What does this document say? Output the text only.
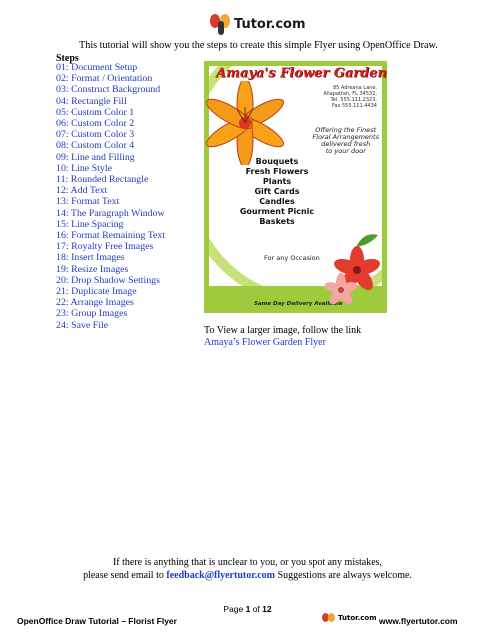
Tutor.com
This tutorial will show you the steps to create this simple Flyer using OpenOffice Draw.
Steps
01: Document Setup
02: Format / Orientation
03: Construct Background
04: Rectangle Fill
05: Custom Color 1
06: Custom Color 2
07: Custom Color 3
08: Custom Color 4
09: Line and Filling
10: Line Style
11: Rounded Rectangle
12: Add Text
13: Format Text
14: The Paragraph Window
15: Line Spacing
16: Format Remaining Text
17: Royalty Free Images
18: Insert Images
19: Resize Images
20: Drop Shadow Settings
21: Duplicate Image
22: Arrange Images
23: Group Images
24: Save File
Amaya's Flower Garden
85 Adreana Lane,
Allapattah, FL 34532,
Tel. 555.111.2323,
Fax 555.111.4434
Offering the Finest
Floral Arrangements
delivered fresh
to your door
Bouquets
Fresh Flowers
Plants
Gift Cards
Candles
Gourment Picnic Baskets
For any Occasion
Same Day Delivery Available
To View a larger image, follow the link
Amaya’s Flower Garden Flyer
If there is anything that is unclear to you, or you spot any mistakes,
please send email to feedback@flyertutor.com Suggestions are always welcome.
Page 1 of 12
OpenOffice Draw Tutorial – Florist Flyer	Tutor.com www.flyertutor.com
